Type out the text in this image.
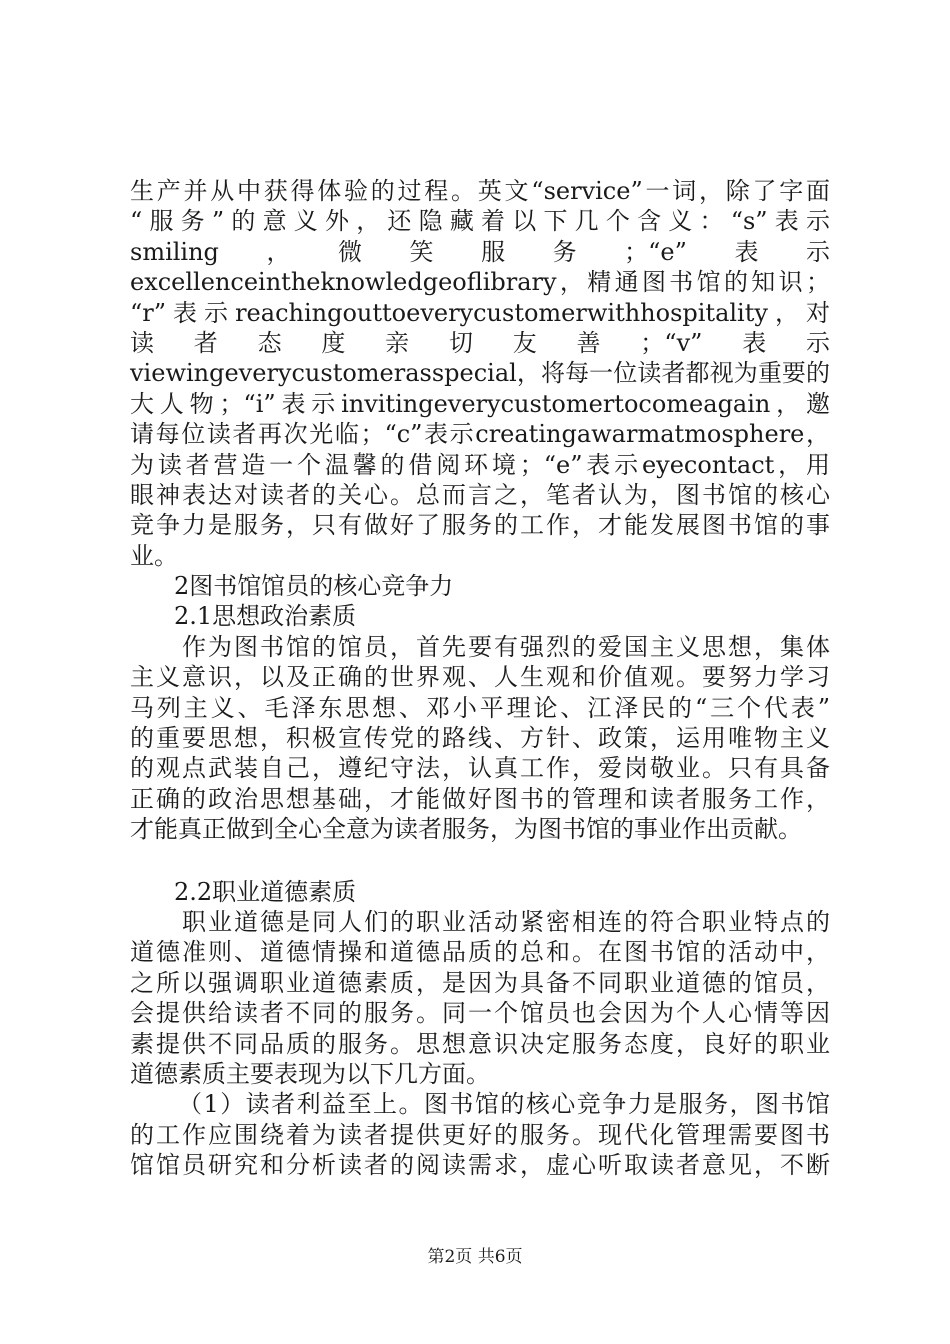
生产并从中获得体验的过程。英文“service”一词，除了字面
“服务”的意义外，还隐藏着以下几个含义：“s”表示
smiling，微笑服务；“e”表示
excellenceintheknowledgeoflibrary，精通图书馆的知识；
“r”表示reachingouttoeverycustomerwithhospitality，对
读者态度亲切友善；“v”表示
viewingeverycustomerasspecial，将每一位读者都视为重要的
大人物；“i”表示invitingeverycustomertocomeagain，邀
请每位读者再次光临；“c”表示creatingawarmatmosphere，
为读者营造一个温馨的借阅环境；“e”表示eyecontact，用
眼神表达对读者的关心。总而言之，笔者认为，图书馆的核心
竞争力是服务，只有做好了服务的工作，才能发展图书馆的事
业。
2图书馆馆员的核心竞争力
2.1思想政治素质
作为图书馆的馆员，首先要有强烈的爱国主义思想，集体
主义意识，以及正确的世界观、人生观和价值观。要努力学习
马列主义、毛泽东思想、邓小平理论、江泽民的“三个代表”
的重要思想，积极宣传党的路线、方针、政策，运用唯物主义
的观点武装自己，遵纪守法，认真工作，爱岗敬业。只有具备
正确的政治思想基础，才能做好图书的管理和读者服务工作，
才能真正做到全心全意为读者服务，为图书馆的事业作出贡献。
2.2职业道德素质
职业道德是同人们的职业活动紧密相连的符合职业特点的
道德准则、道德情操和道德品质的总和。在图书馆的活动中，
之所以强调职业道德素质，是因为具备不同职业道德的馆员，
会提供给读者不同的服务。同一个馆员也会因为个人心情等因
素提供不同品质的服务。思想意识决定服务态度，良好的职业
道德素质主要表现为以下几方面。
（1）读者利益至上。图书馆的核心竞争力是服务，图书馆
的工作应围绕着为读者提供更好的服务。现代化管理需要图书
馆馆员研究和分析读者的阅读需求，虚心听取读者意见，不断
第2页 共6页
